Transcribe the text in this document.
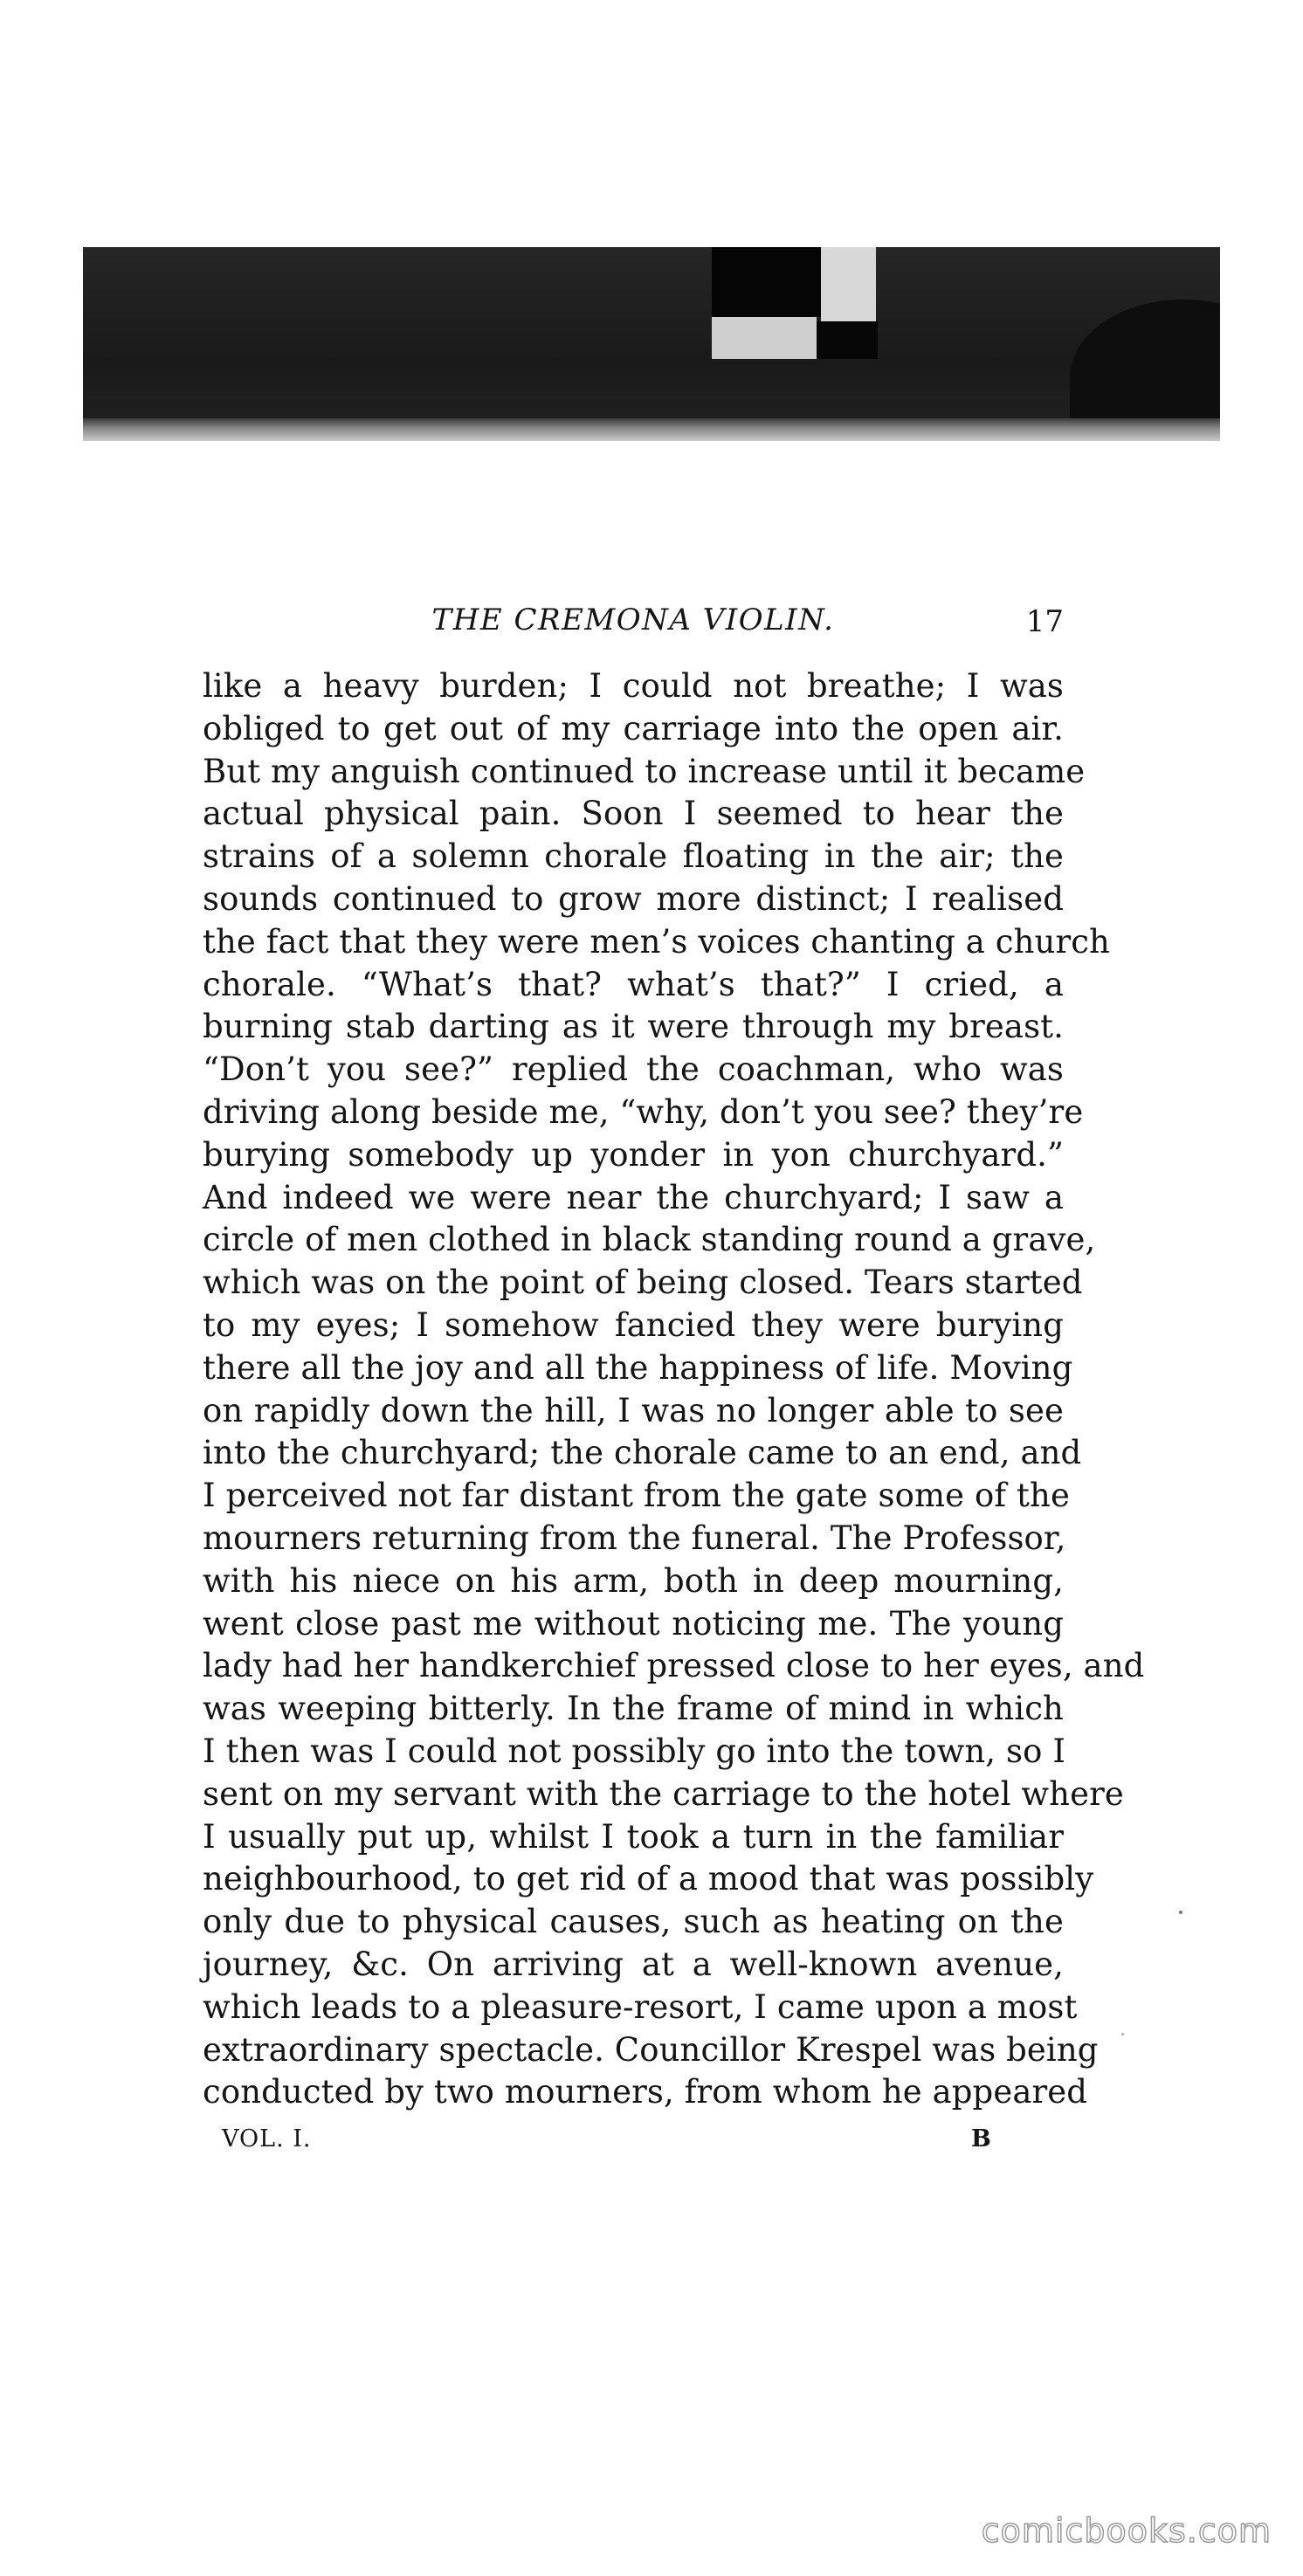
THE CREMONA VIOLIN.	17
like a heavy burden; I could not breathe; I was
obliged to get out of my carriage into the open air.
But my anguish continued to increase until it became
actual physical pain. Soon I seemed to hear the
strains of a solemn chorale floating in the air; the
sounds continued to grow more distinct; I realised
the fact that they were men’s voices chanting a church
chorale. “What’s that? what’s that?” I cried, a
burning stab darting as it were through my breast.
“Don’t you see?” replied the coachman, who was
driving along beside me, “why, don’t you see? they’re
burying somebody up yonder in yon churchyard.”
And indeed we were near the churchyard; I saw a
circle of men clothed in black standing round a grave,
which was on the point of being closed. Tears started
to my eyes; I somehow fancied they were burying
there all the joy and all the happiness of life. Moving
on rapidly down the hill, I was no longer able to see
into the churchyard; the chorale came to an end, and
I perceived not far distant from the gate some of the
mourners returning from the funeral. The Professor,
with his niece on his arm, both in deep mourning,
went close past me without noticing me. The young
lady had her handkerchief pressed close to her eyes, and
was weeping bitterly. In the frame of mind in which
I then was I could not possibly go into the town, so I
sent on my servant with the carriage to the hotel where
I usually put up, whilst I took a turn in the familiar
neighbourhood, to get rid of a mood that was possibly
only due to physical causes, such as heating on the
journey, &c. On arriving at a well-known avenue,
which leads to a pleasure-resort, I came upon a most
extraordinary spectacle. Councillor Krespel was being
conducted by two mourners, from whom he appeared
VOL. I.	B
comicbooks.com
